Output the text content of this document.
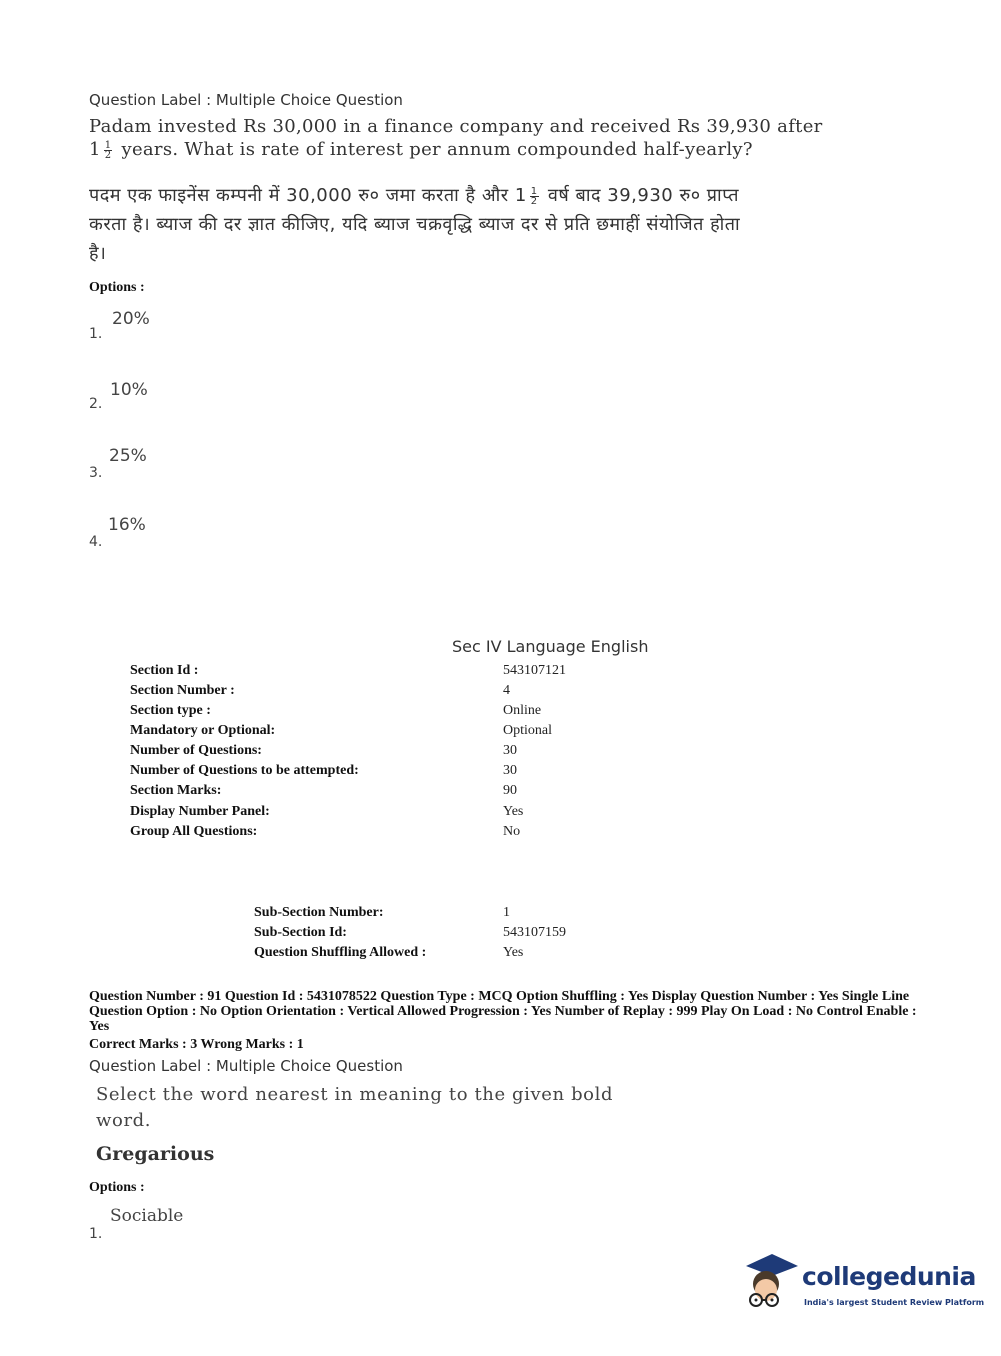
Question Label : Multiple Choice Question
Padam invested Rs 30,000 in a finance company and received Rs 39,930 after
$1 \frac{1}{2}$ years. What is rate of interest per annum compounded half-yearly?
पदम एक फाइनेंस कम्पनी में 30,000 रु० जमा करता है और $1 \frac{1}{2}$ वर्ष बाद 39,930 रु० प्राप्त
करता है। ब्याज की दर ज्ञात कीजिए, यदि ब्याज चक्रवृद्धि ब्याज दर से प्रति छमाहीं संयोजित होता
है।
Options :
20%
1.
10%
2.
25%
3.
16%
4.
Sec IV Language English
Section Id :	543107121
Section Number :	4
Section type :	Online
Mandatory or Optional:	Optional
Number of Questions:	30
Number of Questions to be attempted:	30
Section Marks:	90
Display Number Panel:	Yes
Group All Questions:	No
Sub-Section Number:	1
Sub-Section Id:	543107159
Question Shuffling Allowed :	Yes
Question Number : 91 Question Id : 5431078522 Question Type : MCQ Option Shuffling : Yes Display Question Number : Yes Single Line Question Option : No Option Orientation : Vertical Allowed Progression : Yes Number of Replay : 999 Play On Load : No Control Enable : Yes
Correct Marks : 3 Wrong Marks : 1
Question Label : Multiple Choice Question
Select the word nearest in meaning to the given bold word.
Gregarious
Options :
Sociable
1.
collegedunia
India's largest Student Review Platform
